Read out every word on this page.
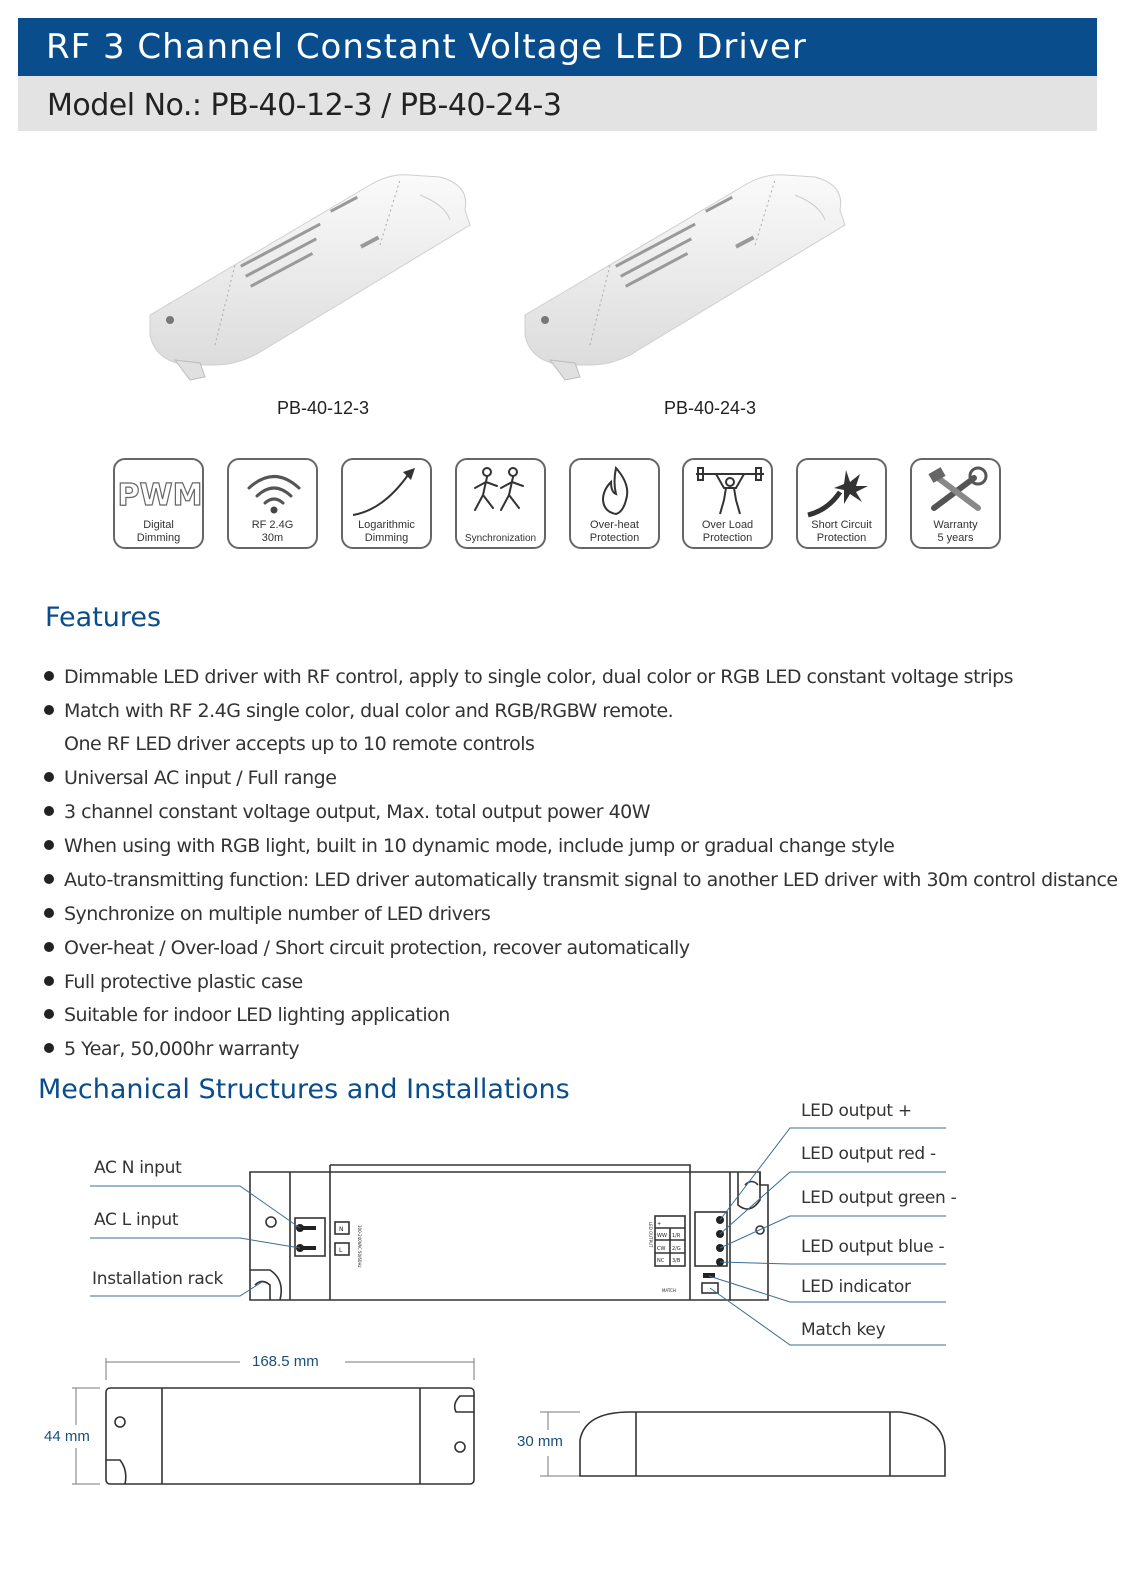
RF 3 Channel Constant Voltage LED Driver
Model No.: PB-40-12-3 / PB-40-24-3
PB-40-12-3	PB-40-24-3
PWM
Digital
Dimming
RF 2.4G
30m
Logarithmic
Dimming	Synchronization
Over-heat
Protection
Over Load
Protection
Short Circuit
Protection
Warranty
5 years
Features
Dimmable LED driver with RF control, apply to single color, dual color or RGB LED constant voltage strips
Match with RF 2.4G single color, dual color and RGB/RGBW remote.
One RF LED driver accepts up to 10 remote controls
Universal AC input / Full range
3 channel constant voltage output, Max. total output power 40W
When using with RGB light, built in 10 dynamic mode, include jump or gradual change style
Auto-transmitting function: LED driver automatically transmit signal to another LED driver with 30m control distance
Synchronize on multiple number of LED drivers
Over-heat / Over-load / Short circuit protection, recover automatically
Full protective plastic case
Suitable for indoor LED lighting application
5 Year, 50,000hr warranty
Mechanical Structures and Installations
N
L	100-240VAC 50/60Hz	LED OUTPUT +
WW 1/R
CW 2/G
NC 3/B
MATCH
AC N input
AC L input
Installation rack
LED output +
LED output red -
LED output green -
LED output blue -
LED indicator
Match key
168.5 mm
44 mm	30 mm
